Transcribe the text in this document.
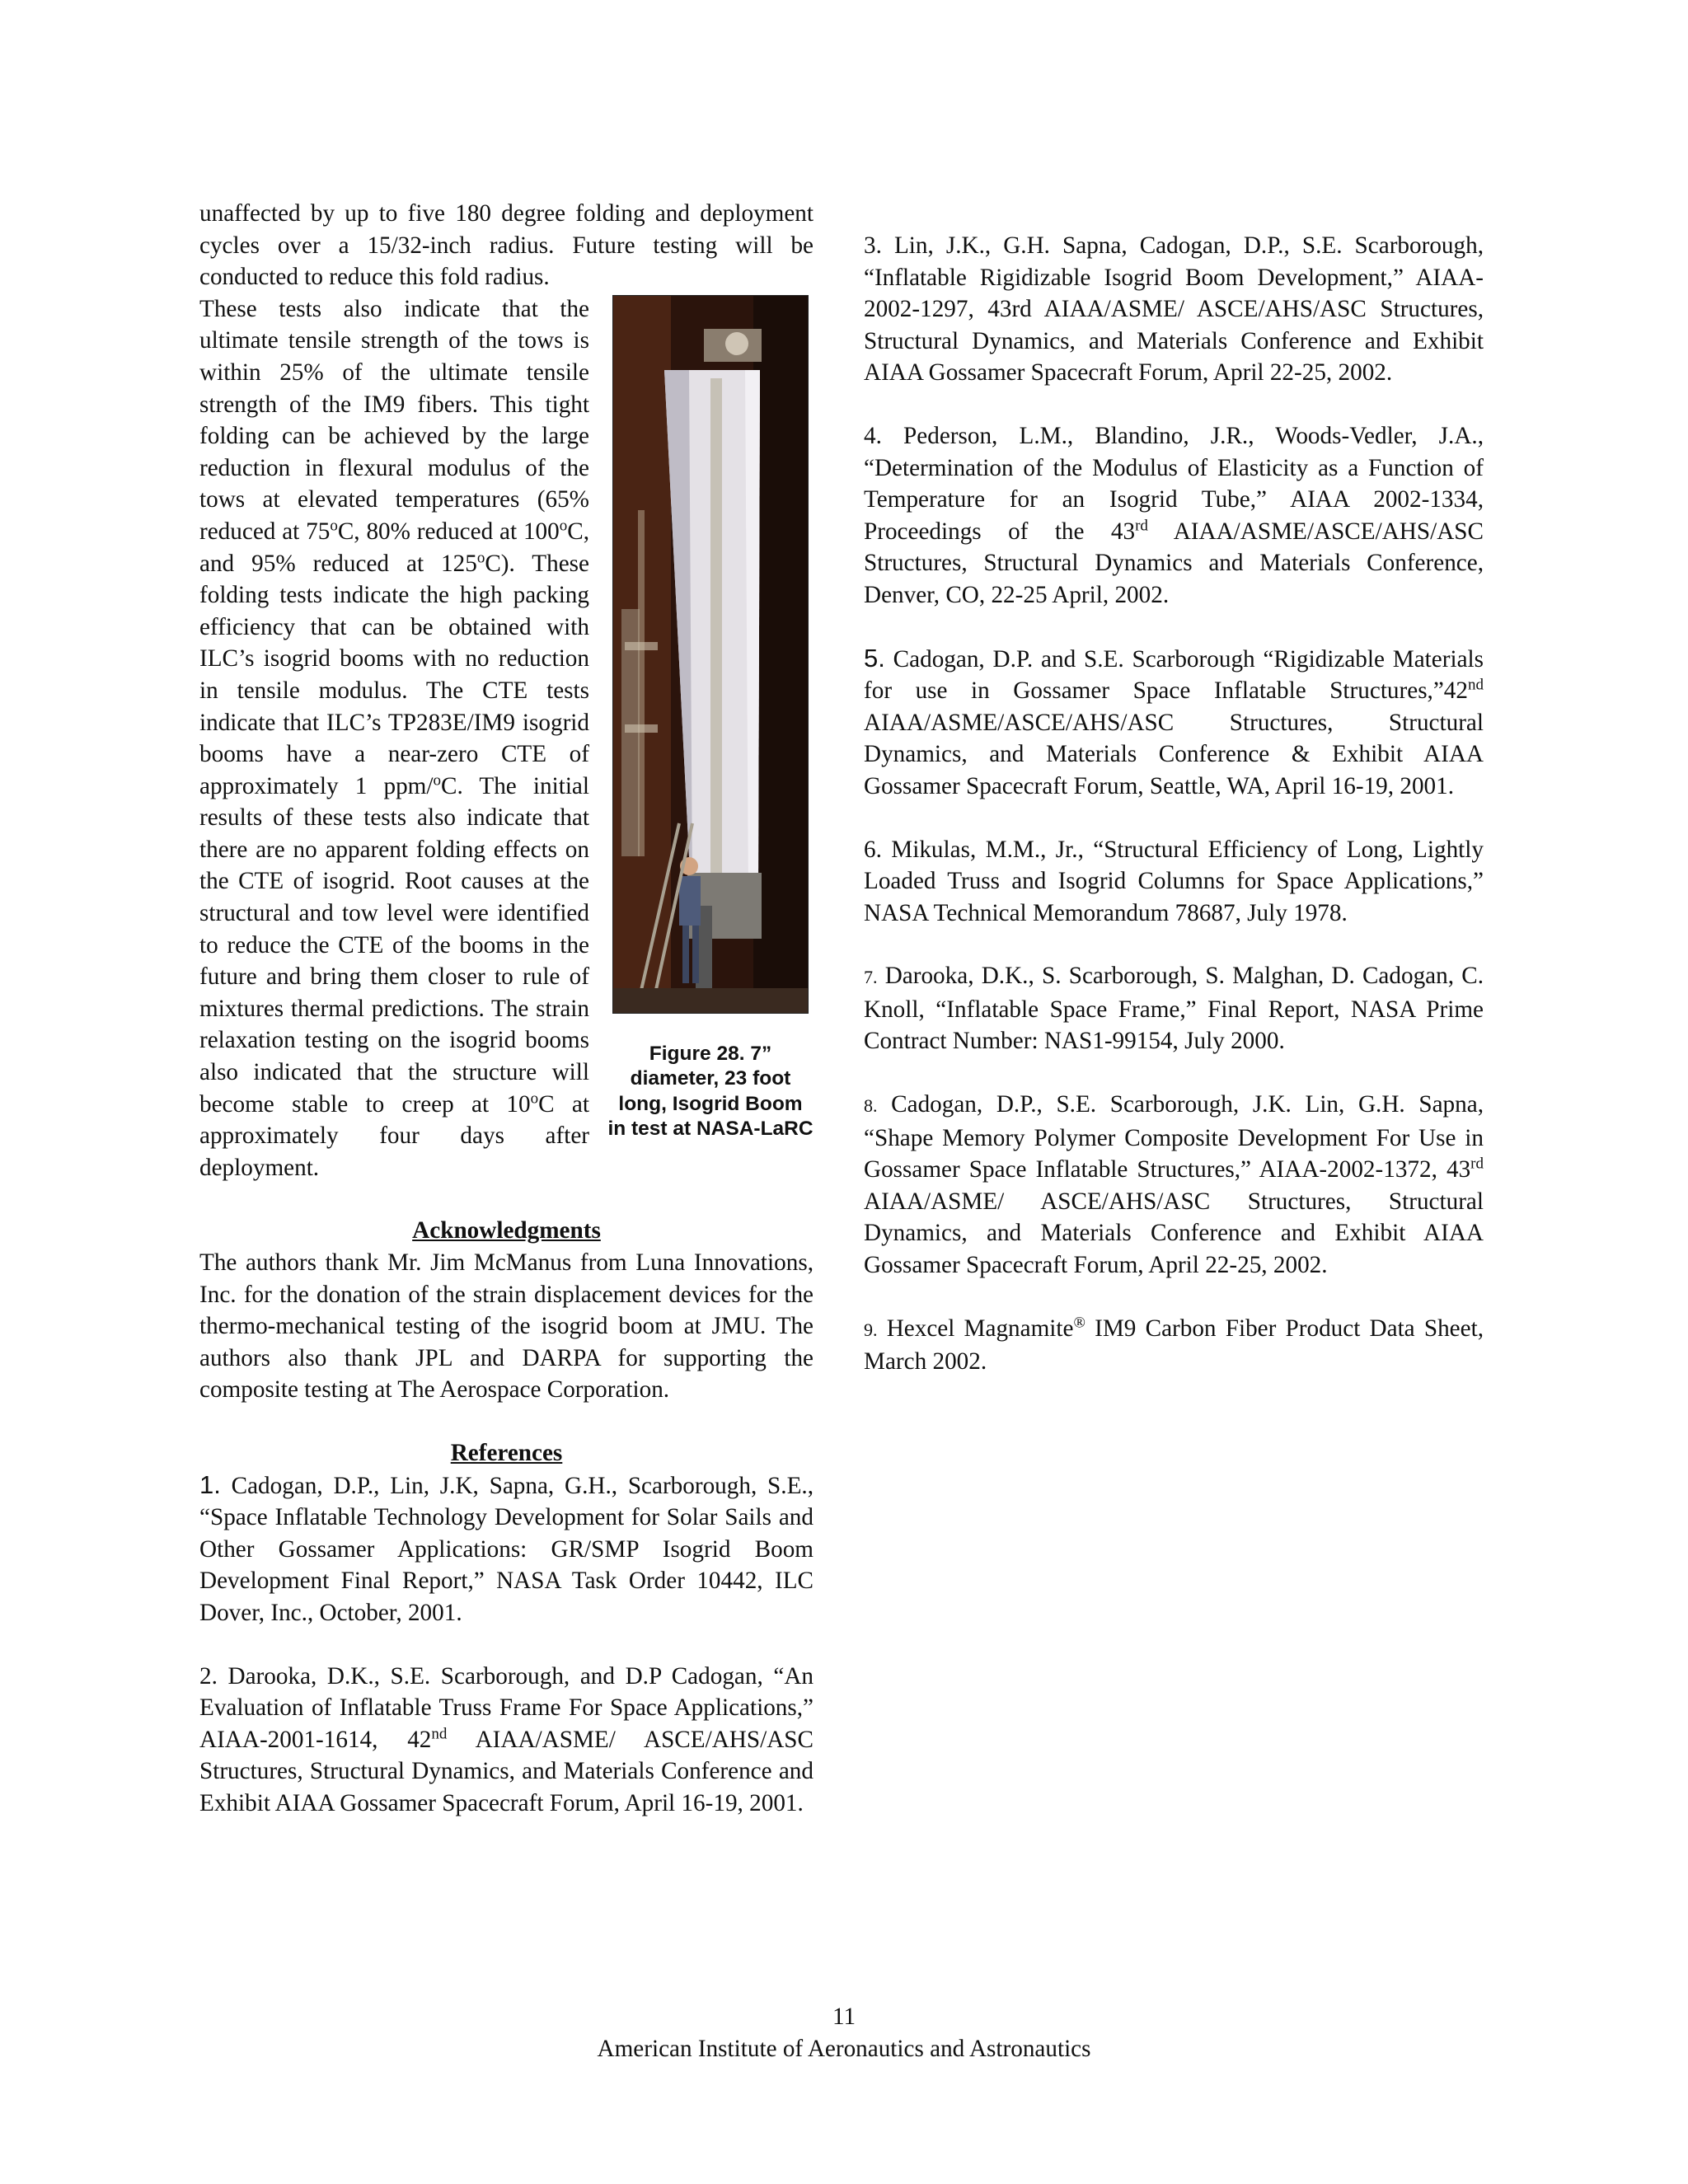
unaffected by up to five 180 degree folding and deployment cycles over a 15/32-inch radius. Future testing will be conducted to reduce this fold radius.

Figure 28. 7” diameter, 23 foot long, Isogrid Boom in test at NASA-LaRC

These tests also indicate that the ultimate tensile strength of the tows is within 25% of the ultimate tensile strength of the IM9 fibers. This tight folding can be achieved by the large reduction in flexural modulus of the tows at elevated temperatures (65% reduced at 75$^o$C, 80% reduced at 100$^o$C, and 95% reduced at 125$^o$C). These folding tests indicate the high packing efficiency that can be obtained with ILC’s isogrid booms with no reduction in tensile modulus. The CTE tests indicate that ILC’s TP283E/IM9 isogrid booms have a near-zero CTE of approximately 1 ppm/$^o$C. The initial results of these tests also indicate that there are no apparent folding effects on the CTE of isogrid. Root causes at the structural and tow level were identified to reduce the CTE of the booms in the future and bring them closer to rule of mixtures thermal predictions. The strain relaxation testing on the isogrid booms also indicated that the structure will become stable to creep at 10$^o$C at approximately four days after deployment.

Acknowledgments

The authors thank Mr. Jim McManus from Luna Innovations, Inc. for the donation of the strain displacement devices for the thermo-mechanical testing of the isogrid boom at JMU. The authors also thank JPL and DARPA for supporting the composite testing at The Aerospace Corporation.

References

1. Cadogan, D.P., Lin, J.K, Sapna, G.H., Scarborough, S.E., “Space Inflatable Technology Development for Solar Sails and Other Gossamer Applications: GR/SMP Isogrid Boom Development Final Report,” NASA Task Order 10442, ILC Dover, Inc., October, 2001.

2. Darooka, D.K., S.E. Scarborough, and D.P Cadogan, “An Evaluation of Inflatable Truss Frame For Space Applications,” AIAA-2001-1614, 42nd AIAA/ASME/ ASCE/AHS/ASC Structures, Structural Dynamics, and Materials Conference and Exhibit AIAA Gossamer Spacecraft Forum, April 16-19, 2001.

3. Lin, J.K., G.H. Sapna, Cadogan, D.P., S.E. Scarborough, “Inflatable Rigidizable Isogrid Boom Development,” AIAA-2002-1297, 43rd AIAA/ASME/ ASCE/AHS/ASC Structures, Structural Dynamics, and Materials Conference and Exhibit AIAA Gossamer Spacecraft Forum, April 22-25, 2002.

4. Pederson, L.M., Blandino, J.R., Woods-Vedler, J.A., “Determination of the Modulus of Elasticity as a Function of Temperature for an Isogrid Tube,” AIAA 2002-1334, Proceedings of the 43rd AIAA/ASME/ASCE/AHS/ASC Structures, Structural Dynamics and Materials Conference, Denver, CO, 22-25 April, 2002.

5. Cadogan, D.P. and S.E. Scarborough “Rigidizable Materials for use in Gossamer Space Inflatable Structures,”42nd AIAA/ASME/ASCE/AHS/ASC Structures, Structural Dynamics, and Materials Conference & Exhibit AIAA Gossamer Spacecraft Forum, Seattle, WA, April 16-19, 2001.

6. Mikulas, M.M., Jr., “Structural Efficiency of Long, Lightly Loaded Truss and Isogrid Columns for Space Applications,” NASA Technical Memorandum 78687, July 1978.

7. Darooka, D.K., S. Scarborough, S. Malghan, D. Cadogan, C. Knoll, “Inflatable Space Frame,” Final Report, NASA Prime Contract Number: NAS1-99154, July 2000.

8. Cadogan, D.P., S.E. Scarborough, J.K. Lin, G.H. Sapna, “Shape Memory Polymer Composite Development For Use in Gossamer Space Inflatable Structures,” AIAA-2002-1372, 43rd AIAA/ASME/ ASCE/AHS/ASC Structures, Structural Dynamics, and Materials Conference and Exhibit AIAA Gossamer Spacecraft Forum, April 22-25, 2002.

9. Hexcel Magnamite® IM9 Carbon Fiber Product Data Sheet, March 2002.

11
American Institute of Aeronautics and Astronautics
